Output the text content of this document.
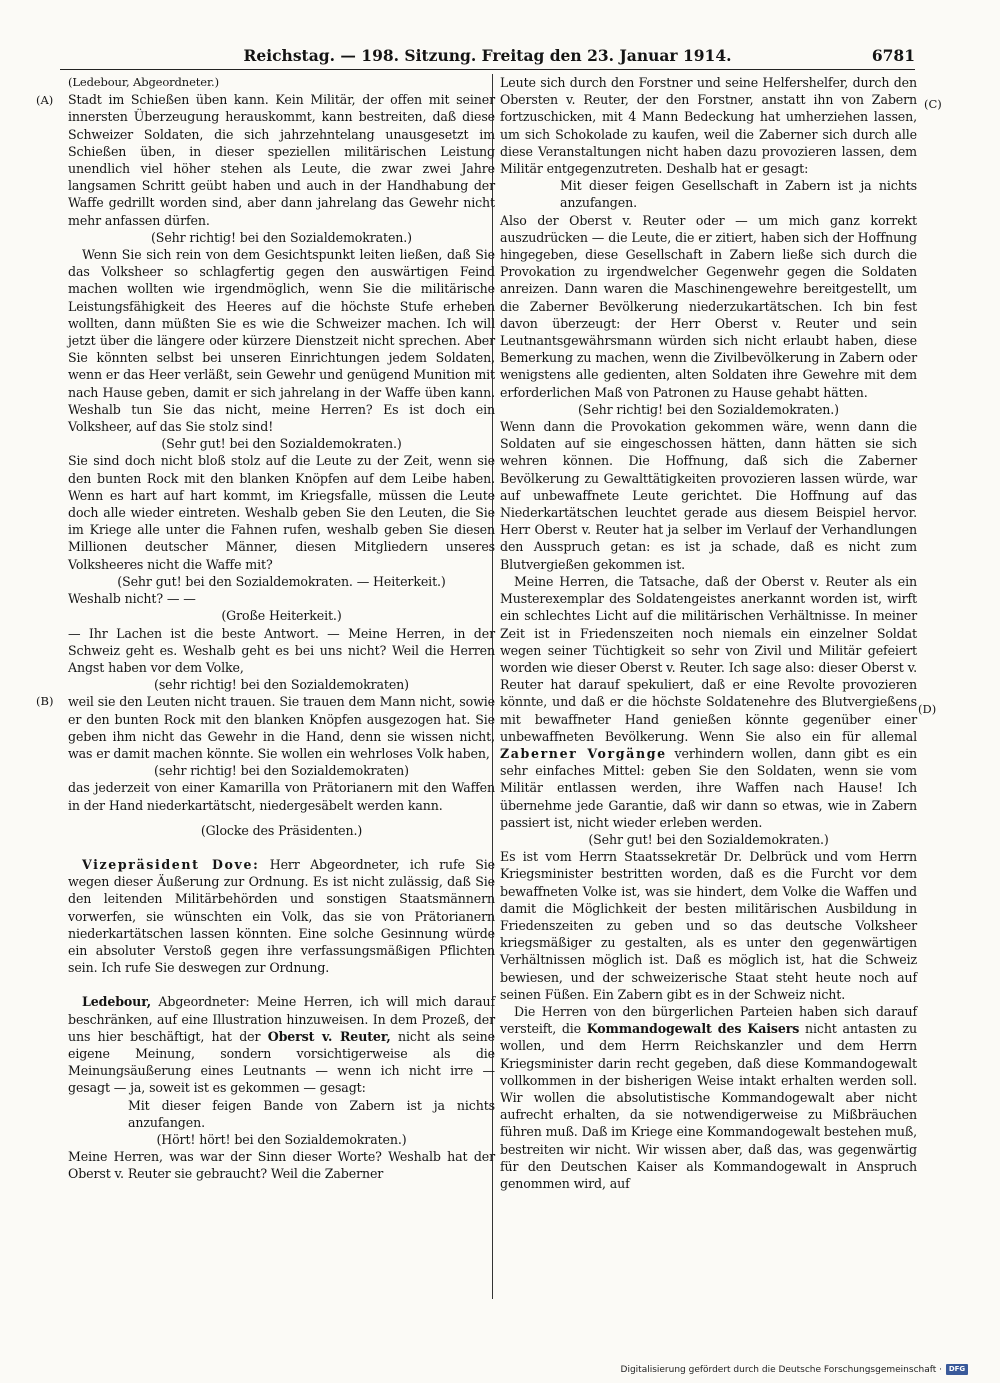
Reichstag. — 198. Sitzung. Freitag den 23. Januar 1914.	6781
(A)
(B)
(C)
(D)

(Ledebour, Abgeordneter.)

Stadt im Schießen üben kann. Kein Militär, der offen mit seiner innersten Überzeugung herauskommt, kann bestreiten, daß diese Schweizer Soldaten, die sich jahrzehntelang unausgesetzt im Schießen üben, in dieser speziellen militärischen Leistung unendlich viel höher stehen als Leute, die zwar zwei Jahre langsamen Schritt geübt haben und auch in der Handhabung der Waffe gedrillt worden sind, aber dann jahrelang das Gewehr nicht mehr anfassen dürfen.

(Sehr richtig! bei den Sozialdemokraten.)

Wenn Sie sich rein von dem Gesichtspunkt leiten ließen, daß Sie das Volksheer so schlagfertig gegen den auswärtigen Feind machen wollten wie irgendmöglich, wenn Sie die militärische Leistungsfähigkeit des Heeres auf die höchste Stufe erheben wollten, dann müßten Sie es wie die Schweizer machen. Ich will jetzt über die längere oder kürzere Dienstzeit nicht sprechen. Aber Sie könnten selbst bei unseren Einrichtungen jedem Soldaten, wenn er das Heer verläßt, sein Gewehr und genügend Munition mit nach Hause geben, damit er sich jahrelang in der Waffe üben kann. Weshalb tun Sie das nicht, meine Herren? Es ist doch ein Volksheer, auf das Sie stolz sind!

(Sehr gut! bei den Sozialdemokraten.)

Sie sind doch nicht bloß stolz auf die Leute zu der Zeit, wenn sie den bunten Rock mit den blanken Knöpfen auf dem Leibe haben. Wenn es hart auf hart kommt, im Kriegsfalle, müssen die Leute doch alle wieder eintreten. Weshalb geben Sie den Leuten, die Sie im Kriege alle unter die Fahnen rufen, weshalb geben Sie diesen Millionen deutscher Männer, diesen Mitgliedern unseres Volksheeres nicht die Waffe mit?

(Sehr gut! bei den Sozialdemokraten. — Heiterkeit.)

Weshalb nicht? — —

(Große Heiterkeit.)

— Ihr Lachen ist die beste Antwort. — Meine Herren, in der Schweiz geht es. Weshalb geht es bei uns nicht? Weil die Herren Angst haben vor dem Volke,

(sehr richtig! bei den Sozialdemokraten)

weil sie den Leuten nicht trauen. Sie trauen dem Mann nicht, sowie er den bunten Rock mit den blanken Knöpfen ausgezogen hat. Sie geben ihm nicht das Gewehr in die Hand, denn sie wissen nicht, was er damit machen könnte. Sie wollen ein wehrloses Volk haben,

(sehr richtig! bei den Sozialdemokraten)

das jederzeit von einer Kamarilla von Prätorianern mit den Waffen in der Hand niederkartätscht, niedergesäbelt werden kann.

(Glocke des Präsidenten.)

Vizepräsident Dove: Herr Abgeordneter, ich rufe Sie wegen dieser Äußerung zur Ordnung. Es ist nicht zulässig, daß Sie den leitenden Militärbehörden und sonstigen Staatsmännern vorwerfen, sie wünschten ein Volk, das sie von Prätorianern niederkartätschen lassen könnten. Eine solche Gesinnung würde ein absoluter Verstoß gegen ihre verfassungsmäßigen Pflichten sein. Ich rufe Sie deswegen zur Ordnung.

Ledebour, Abgeordneter: Meine Herren, ich will mich darauf beschränken, auf eine Illustration hinzuweisen. In dem Prozeß, der uns hier beschäftigt, hat der Oberst v. Reuter, nicht als seine eigene Meinung, sondern vorsichtigerweise als die Meinungsäußerung eines Leutnants — wenn ich nicht irre — gesagt — ja, soweit ist es gekommen — gesagt:

Mit dieser feigen Bande von Zabern ist ja nichts anzufangen.

(Hört! hört! bei den Sozialdemokraten.)

Meine Herren, was war der Sinn dieser Worte? Weshalb hat der Oberst v. Reuter sie gebraucht? Weil die Zaberner

Leute sich durch den Forstner und seine Helfershelfer, durch den Obersten v. Reuter, der den Forstner, anstatt ihn von Zabern fortzuschicken, mit 4 Mann Bedeckung hat umherziehen lassen, um sich Schokolade zu kaufen, weil die Zaberner sich durch alle diese Veranstaltungen nicht haben dazu provozieren lassen, dem Militär entgegenzutreten. Deshalb hat er gesagt:

Mit dieser feigen Gesellschaft in Zabern ist ja nichts anzufangen.

Also der Oberst v. Reuter oder — um mich ganz korrekt auszudrücken — die Leute, die er zitiert, haben sich der Hoffnung hingegeben, diese Gesellschaft in Zabern ließe sich durch die Provokation zu irgendwelcher Gegenwehr gegen die Soldaten anreizen. Dann waren die Maschinengewehre bereitgestellt, um die Zaberner Bevölkerung niederzukartätschen. Ich bin fest davon überzeugt: der Herr Oberst v. Reuter und sein Leutnantsgewährsmann würden sich nicht erlaubt haben, diese Bemerkung zu machen, wenn die Zivilbevölkerung in Zabern oder wenigstens alle gedienten, alten Soldaten ihre Gewehre mit dem erforderlichen Maß von Patronen zu Hause gehabt hätten.

(Sehr richtig! bei den Sozialdemokraten.)

Wenn dann die Provokation gekommen wäre, wenn dann die Soldaten auf sie eingeschossen hätten, dann hätten sie sich wehren können. Die Hoffnung, daß sich die Zaberner Bevölkerung zu Gewalttätigkeiten provozieren lassen würde, war auf unbewaffnete Leute gerichtet. Die Hoffnung auf das Niederkartätschen leuchtet gerade aus diesem Beispiel hervor. Herr Oberst v. Reuter hat ja selber im Verlauf der Verhandlungen den Ausspruch getan: es ist ja schade, daß es nicht zum Blutvergießen gekommen ist.

Meine Herren, die Tatsache, daß der Oberst v. Reuter als ein Musterexemplar des Soldatengeistes anerkannt worden ist, wirft ein schlechtes Licht auf die militärischen Verhältnisse. In meiner Zeit ist in Friedenszeiten noch niemals ein einzelner Soldat wegen seiner Tüchtigkeit so sehr von Zivil und Militär gefeiert worden wie dieser Oberst v. Reuter. Ich sage also: dieser Oberst v. Reuter hat darauf spekuliert, daß er eine Revolte provozieren könnte, und daß er die höchste Soldatenehre des Blutvergießens mit bewaffneter Hand genießen könnte gegenüber einer unbewaffneten Bevölkerung. Wenn Sie also ein für allemal Zaberner Vorgänge verhindern wollen, dann gibt es ein sehr einfaches Mittel: geben Sie den Soldaten, wenn sie vom Militär entlassen werden, ihre Waffen nach Hause! Ich übernehme jede Garantie, daß wir dann so etwas, wie in Zabern passiert ist, nicht wieder erleben werden.

(Sehr gut! bei den Sozialdemokraten.)

Es ist vom Herrn Staatssekretär Dr. Delbrück und vom Herrn Kriegsminister bestritten worden, daß es die Furcht vor dem bewaffneten Volke ist, was sie hindert, dem Volke die Waffen und damit die Möglichkeit der besten militärischen Ausbildung in Friedenszeiten zu geben und so das deutsche Volksheer kriegsmäßiger zu gestalten, als es unter den gegenwärtigen Verhältnissen möglich ist. Daß es möglich ist, hat die Schweiz bewiesen, und der schweizerische Staat steht heute noch auf seinen Füßen. Ein Zabern gibt es in der Schweiz nicht.

Die Herren von den bürgerlichen Parteien haben sich darauf versteift, die Kommandogewalt des Kaisers nicht antasten zu wollen, und dem Herrn Reichskanzler und dem Herrn Kriegsminister darin recht gegeben, daß diese Kommandogewalt vollkommen in der bisherigen Weise intakt erhalten werden soll. Wir wollen die absolutistische Kommandogewalt aber nicht aufrecht erhalten, da sie notwendigerweise zu Mißbräuchen führen muß. Daß im Kriege eine Kommandogewalt bestehen muß, bestreiten wir nicht. Wir wissen aber, daß das, was gegenwärtig für den Deutschen Kaiser als Kommandogewalt in Anspruch genommen wird, auf

Digitalisierung gefördert durch die Deutsche Forschungsgemeinschaft · DFG
